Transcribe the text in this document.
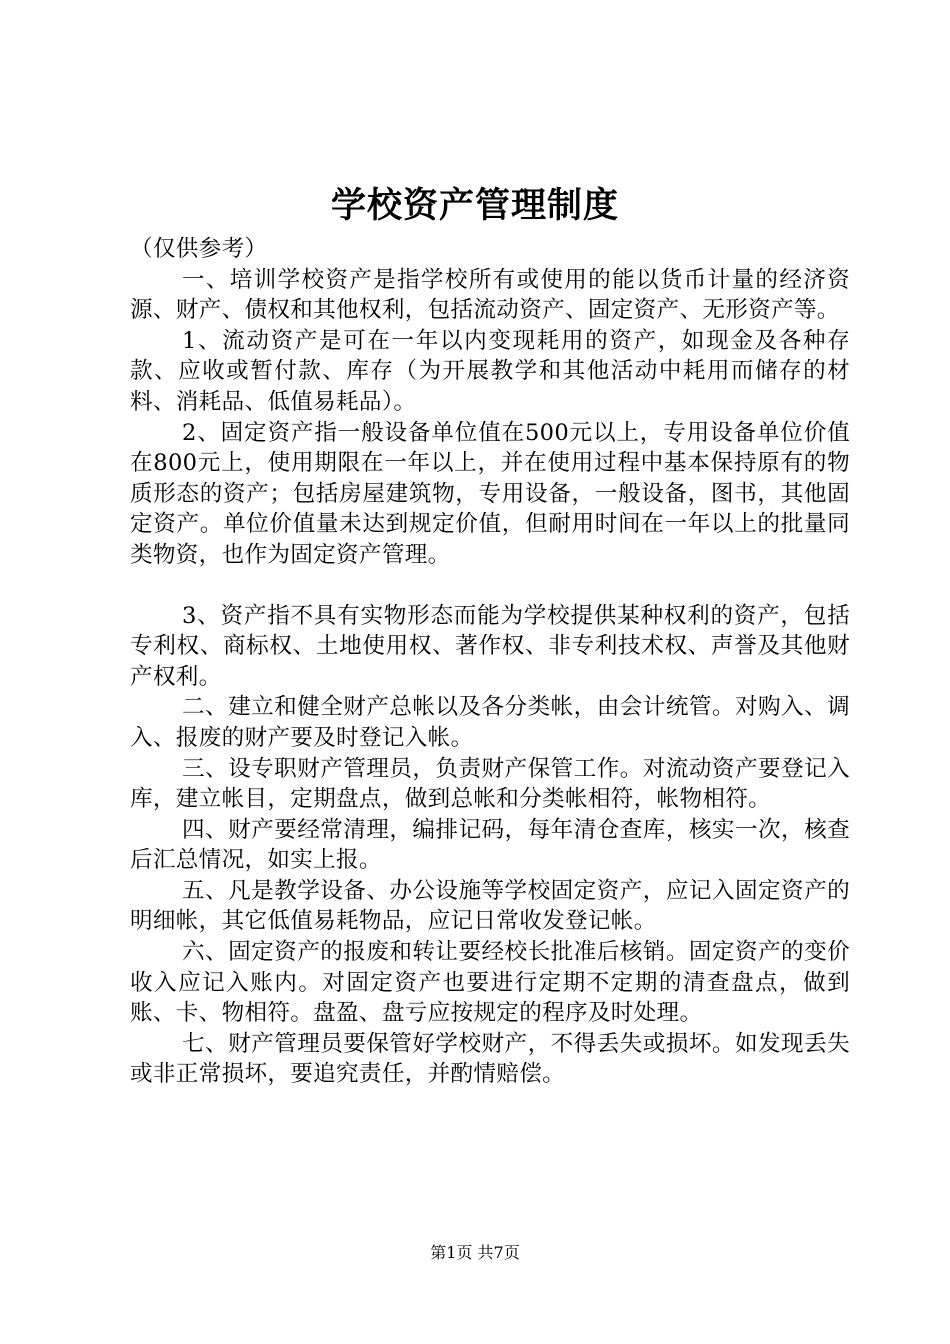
学校资产管理制度

（仅供参考）

一、培训学校资产是指学校所有或使用的能以货币计量的经济资源、财产、债权和其他权利，包括流动资产、固定资产、无形资产等。

1、流动资产是可在一年以内变现耗用的资产，如现金及各种存款、应收或暂付款、库存（为开展教学和其他活动中耗用而储存的材料、消耗品、低值易耗品）。

2、固定资产指一般设备单位值在500元以上，专用设备单位价值在800元上，使用期限在一年以上，并在使用过程中基本保持原有的物质形态的资产；包括房屋建筑物，专用设备，一般设备，图书，其他固定资产。单位价值量未达到规定价值，但耐用时间在一年以上的批量同类物资，也作为固定资产管理。

3、资产指不具有实物形态而能为学校提供某种权利的资产，包括专利权、商标权、土地使用权、著作权、非专利技术权、声誉及其他财产权利。

二、建立和健全财产总帐以及各分类帐，由会计统管。对购入、调入、报废的财产要及时登记入帐。

三、设专职财产管理员，负责财产保管工作。对流动资产要登记入库，建立帐目，定期盘点，做到总帐和分类帐相符，帐物相符。

四、财产要经常清理，编排记码，每年清仓查库，核实一次，核查后汇总情况，如实上报。

五、凡是教学设备、办公设施等学校固定资产，应记入固定资产的明细帐，其它低值易耗物品，应记日常收发登记帐。

六、固定资产的报废和转让要经校长批准后核销。固定资产的变价收入应记入账内。对固定资产也要进行定期不定期的清查盘点，做到账、卡、物相符。盘盈、盘亏应按规定的程序及时处理。

七、财产管理员要保管好学校财产，不得丢失或损坏。如发现丢失或非正常损坏，要追究责任，并酌情赔偿。

第1页 共7页
